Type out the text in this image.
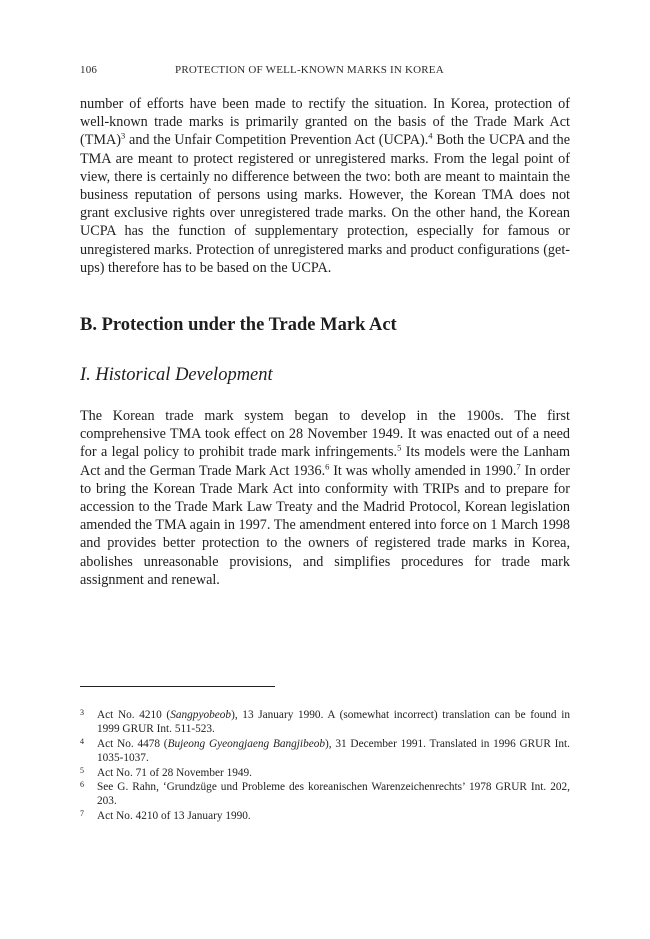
106	PROTECTION OF WELL-KNOWN MARKS IN KOREA

number of efforts have been made to rectify the situation. In Korea, protection of well-known trade marks is primarily granted on the basis of the Trade Mark Act (TMA)$^3$ and the Unfair Competition Prevention Act (UCPA).$^4$ Both the UCPA and the TMA are meant to protect registered or unregistered marks. From the legal point of view, there is certainly no difference between the two: both are meant to maintain the business reputation of persons using marks. However, the Korean TMA does not grant exclusive rights over unregistered trade marks. On the other hand, the Korean UCPA has the function of supplementary protection, especially for famous or unregistered marks. Protection of unregistered marks and product configurations (get-ups) therefore has to be based on the UCPA.

B. Protection under the Trade Mark Act
I. Historical Development

The Korean trade mark system began to develop in the 1900s. The first comprehensive TMA took effect on 28 November 1949. It was enacted out of a need for a legal policy to prohibit trade mark infringements.$^5$ Its models were the Lanham Act and the German Trade Mark Act 1936.$^6$ It was wholly amended in 1990.$^7$ In order to bring the Korean Trade Mark Act into conformity with TRIPs and to prepare for accession to the Trade Mark Law Treaty and the Madrid Protocol, Korean legislation amended the TMA again in 1997. The amendment entered into force on 1 March 1998 and provides better protection to the owners of registered trade marks in Korea, abolishes unreasonable provisions, and simplifies procedures for trade mark assignment and renewal.

3	Act No. 4210 (Sangpyobeob), 13 January 1990. A (somewhat incorrect) translation can be found in 1999 GRUR Int. 511-523.
4	Act No. 4478 (Bujeong Gyeongjaeng Bangjibeob), 31 December 1991. Translated in 1996 GRUR Int. 1035-1037.
5	Act No. 71 of 28 November 1949.
6	See G. Rahn, ‘Grundzüge und Probleme des koreanischen Warenzeichenrechts’ 1978 GRUR Int. 202, 203.
7	Act No. 4210 of 13 January 1990.
